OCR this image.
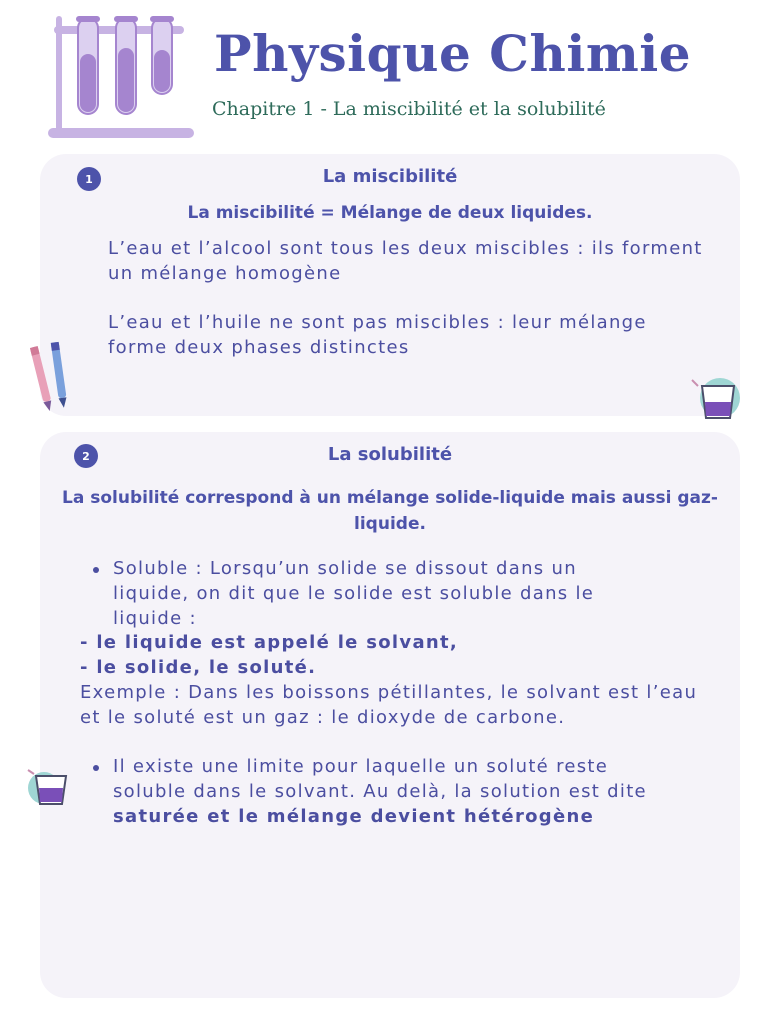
Physique Chimie
Chapitre 1 - La miscibilité et la solubilité
1	La miscibilité
La miscibilité = Mélange de deux liquides.
L’eau et l’alcool sont tous les deux miscibles : ils forment un mélange homogène
L’eau et l’huile ne sont pas miscibles : leur mélange forme deux phases distinctes
2	La solubilité
La solubilité correspond à un mélange solide-liquide mais aussi gaz-liquide.
Soluble : Lorsqu’un solide se dissout dans un liquide, on dit que le solide est soluble dans le liquide :
- le liquide est appelé le solvant,
- le solide, le soluté.
Exemple : Dans les boissons pétillantes, le solvant est l’eau et le soluté est un gaz : le dioxyde de carbone.
Il existe une limite pour laquelle un soluté reste soluble dans le solvant. Au delà, la solution est dite saturée et le mélange devient hétérogène
